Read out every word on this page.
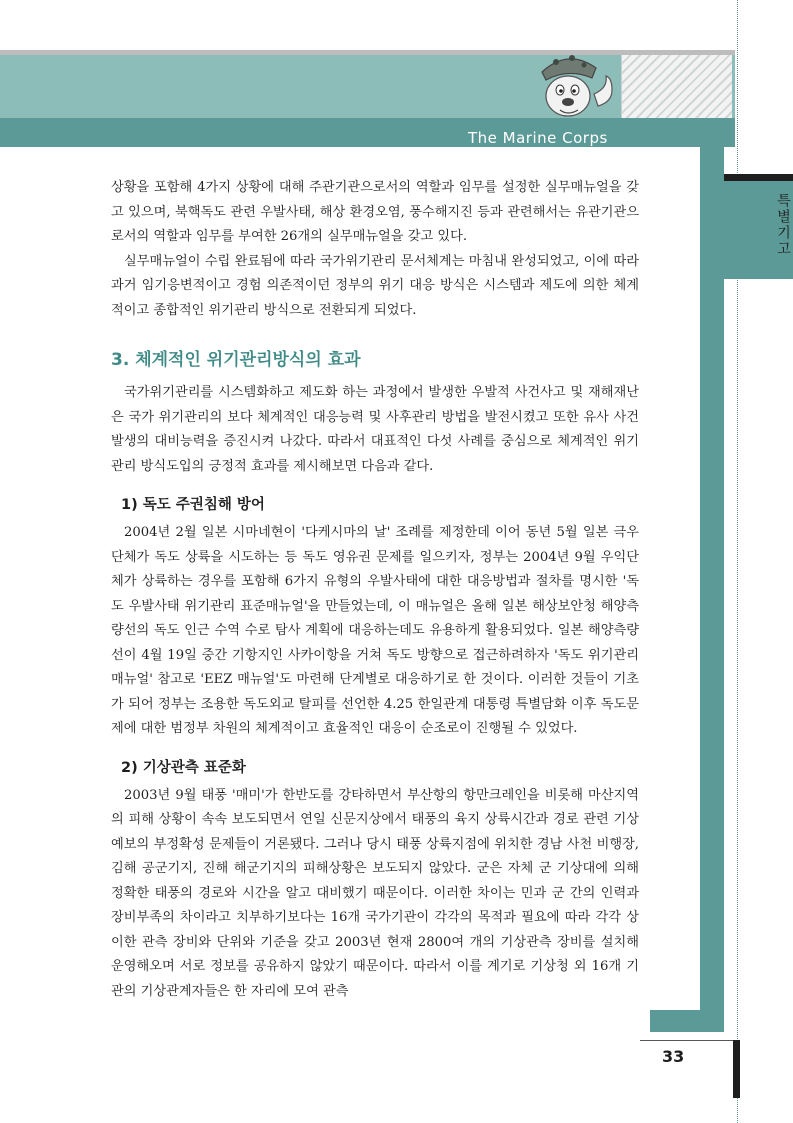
The Marine Corps
특별기고

상황을 포함해 4가지 상황에 대해 주관기관으로서의 역할과 임무를 설정한 실무매뉴얼을 갖고 있으며, 북핵독도 관련 우발사태, 해상 환경오염, 풍수해지진 등과 관련해서는 유관기관으로서의 역할과 임무를 부여한 26개의 실무매뉴얼을 갖고 있다.

실무매뉴얼이 수립 완료됨에 따라 국가위기관리 문서체계는 마침내 완성되었고, 이에 따라 과거 임기응변적이고 경험 의존적이던 정부의 위기 대응 방식은 시스템과 제도에 의한 체계적이고 종합적인 위기관리 방식으로 전환되게 되었다.

3. 체계적인 위기관리방식의 효과

국가위기관리를 시스템화하고 제도화 하는 과정에서 발생한 우발적 사건사고 및 재해재난은 국가 위기관리의 보다 체계적인 대응능력 및 사후관리 방법을 발전시켰고 또한 유사 사건 발생의 대비능력을 증진시켜 나갔다. 따라서 대표적인 다섯 사례를 중심으로 체계적인 위기관리 방식도입의 긍정적 효과를 제시해보면 다음과 같다.

1) 독도 주권침해 방어

2004년 2월 일본 시마네현이 '다케시마의 날' 조례를 제정한데 이어 동년 5월 일본 극우 단체가 독도 상륙을 시도하는 등 독도 영유권 문제를 일으키자, 정부는 2004년 9월 우익단체가 상륙하는 경우를 포함해 6가지 유형의 우발사태에 대한 대응방법과 절차를 명시한 '독도 우발사태 위기관리 표준매뉴얼'을 만들었는데, 이 매뉴얼은 올해 일본 해상보안청 해양측량선의 독도 인근 수역 수로 탐사 계획에 대응하는데도 유용하게 활용되었다. 일본 해양측량선이 4월 19일 중간 기항지인 사카이항을 거쳐 독도 방향으로 접근하려하자 '독도 위기관리 매뉴얼' 참고로 'EEZ 매뉴얼'도 마련해 단계별로 대응하기로 한 것이다. 이러한 것들이 기초가 되어 정부는 조용한 독도외교 탈피를 선언한 4.25 한일관계 대통령 특별담화 이후 독도문제에 대한 범정부 차원의 체계적이고 효율적인 대응이 순조로이 진행될 수 있었다.

2) 기상관측 표준화

2003년 9월 태풍 '매미'가 한반도를 강타하면서 부산항의 항만크레인을 비롯해 마산지역의 피해 상황이 속속 보도되면서 연일 신문지상에서 태풍의 육지 상륙시간과 경로 관련 기상 예보의 부정확성 문제들이 거론됐다. 그러나 당시 태풍 상륙지점에 위치한 경남 사천 비행장, 김해 공군기지, 진해 해군기지의 피해상황은 보도되지 않았다. 군은 자체 군 기상대에 의해 정확한 태풍의 경로와 시간을 알고 대비했기 때문이다. 이러한 차이는 민과 군 간의 인력과 장비부족의 차이라고 치부하기보다는 16개 국가기관이 각각의 목적과 필요에 따라 각각 상이한 관측 장비와 단위와 기준을 갖고 2003년 현재 2800여 개의 기상관측 장비를 설치해 운영해오며 서로 정보를 공유하지 않았기 때문이다. 따라서 이를 계기로 기상청 외 16개 기관의 기상관계자들은 한 자리에 모여 관측

33
